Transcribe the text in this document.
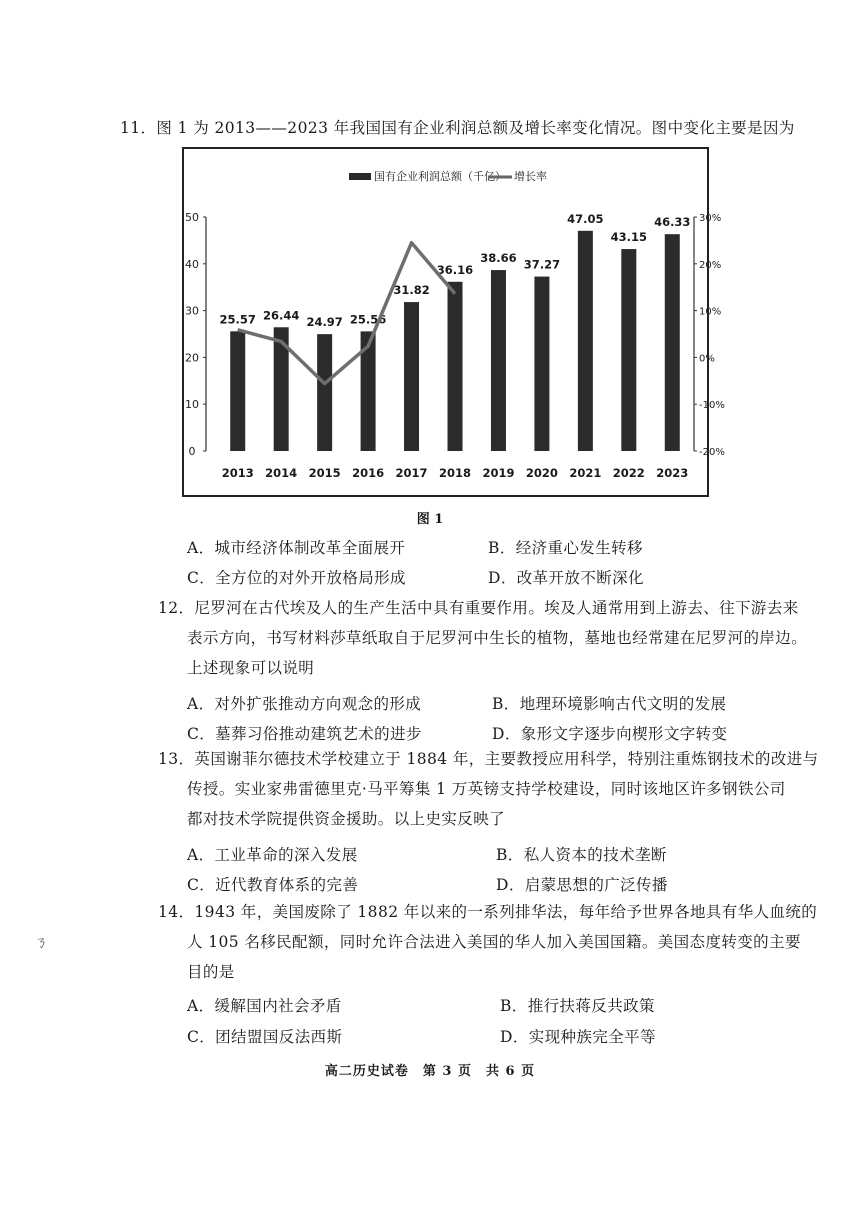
11．图 1 为 2013——2023 年我国国有企业利润总额及增长率变化情况。图中变化主要是因为
国有企业利润总额（千亿） 增长率
0
10
20
30
40
50
-20%
-10%
0%
10%
20%
30%
25.57 26.44 24.97 25.56
31.82
36.16
38.66 37.27
47.05
43.15
46.33
2013 2014 2015 2016 2017 2018 2019 2020 2021 2022 2023
图 1
A．城市经济体制改革全面展开	B．经济重心发生转移
C．全方位的对外开放格局形成	D．改革开放不断深化
12．尼罗河在古代埃及人的生产生活中具有重要作用。埃及人通常用到上游去、往下游去来
表示方向，书写材料莎草纸取自于尼罗河中生长的植物，墓地也经常建在尼罗河的岸边。
上述现象可以说明
A．对外扩张推动方向观念的形成	B．地理环境影响古代文明的发展
C．墓葬习俗推动建筑艺术的进步	D．象形文字逐步向楔形文字转变
13．英国谢菲尔德技术学校建立于 1884 年，主要教授应用科学，特别注重炼钢技术的改进与
传授。实业家弗雷德里克·马平筹集 1 万英镑支持学校建设，同时该地区许多钢铁公司
都对技术学院提供资金援助。以上史实反映了
A．工业革命的深入发展	B．私人资本的技术垄断
C．近代教育体系的完善	D．启蒙思想的广泛传播
14．1943 年，美国废除了 1882 年以来的一系列排华法，每年给予世界各地具有华人血统的
人 105 名移民配额，同时允许合法进入美国的华人加入美国国籍。美国态度转变的主要
目的是
A．缓解国内社会矛盾	B．推行扶蒋反共政策
C．团结盟国反法西斯	D．实现种族完全平等
ㄋ
高二历史试卷　第 3 页　共 6 页
